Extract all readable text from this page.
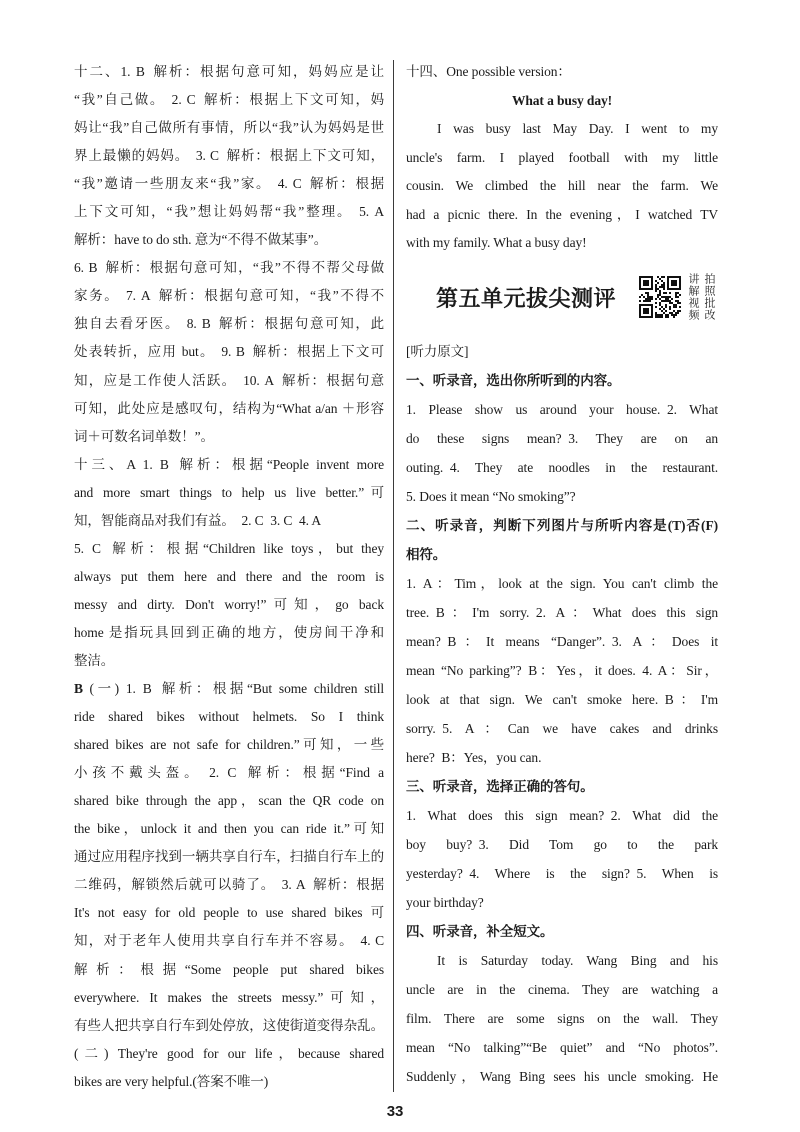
十二、1. B 解析：根据句意可知，妈妈应是让
“我”自己做。 2. C 解析：根据上下文可知，妈
妈让“我”自己做所有事情，所以“我”认为妈妈是世
界上最懒的妈妈。 3. C 解析：根据上下文可知，
“我”邀请一些朋友来“我”家。 4. C 解析：根据
上下文可知，“我”想让妈妈帮“我”整理。 5. A
解析：have to do sth. 意为“不得不做某事”。
6. B 解析：根据句意可知，“我”不得不帮父母做
家务。 7. A 解析：根据句意可知，“我”不得不
独自去看牙医。 8. B 解析：根据句意可知，此
处表转折，应用 but。 9. B 解析：根据上下文可
知，应是工作使人活跃。 10. A 解析：根据句意
可知，此处应是感叹句，结构为“What a/an ＋形容
词＋可数名词单数！”。
十三、A 1. B 解析：根据“People invent more
and more smart things to help us live better.”可
知，智能商品对我们有益。 2. C 3. C 4. A
5. C 解析：根据“Children like toys，but they
always put them here and there and the room is
messy and dirty. Don't worry!”可知，go back
home 是指玩具回到正确的地方，使房间干净和
整洁。
B (一) 1. B 解析：根据“But some children still
ride shared bikes without helmets. So I think
shared bikes are not safe for children.”可知，一些
小孩不戴头盔。 2. C 解析：根据“Find a
shared bike through the app，scan the QR code on
the bike，unlock it and then you can ride it.”可知
通过应用程序找到一辆共享自行车，扫描自行车上的
二维码，解锁然后就可以骑了。 3. A 解析：根据
It's not easy for old people to use shared bikes 可
知，对于老年人使用共享自行车并不容易。 4. C
解析：根据“Some people put shared bikes
everywhere. It makes the streets messy.”可知，
有些人把共享自行车到处停放，这使街道变得杂乱。
(二) They're good for our life，because shared
bikes are very helpful.(答案不唯一)
十四、One possible version：
What a busy day!
I was busy last May Day. I went to my
uncle's farm. I played football with my little
cousin. We climbed the hill near the farm. We
had a picnic there. In the evening，I watched TV
with my family. What a busy day!
第五单元拔尖测评	讲解视频 拍照批改
[听力原文]
一、听录音，选出你所听到的内容。
1. Please show us around your house. 2. What
do these signs mean? 3. They are on an
outing. 4. They ate noodles in the restaurant.
5. Does it mean “No smoking”?
二、听录音，判断下列图片与所听内容是(T)否(F)
相符。
1. A：Tim，look at the sign. You can't climb the
tree. B：I'm sorry. 2. A：What does this sign
mean? B：It means “Danger”. 3. A：Does it
mean “No parking”? B：Yes，it does. 4. A：Sir，
look at that sign. We can't smoke here. B：I'm
sorry. 5. A：Can we have cakes and drinks
here? B：Yes，you can.
三、听录音，选择正确的答句。
1. What does this sign mean? 2. What did the
boy buy? 3. Did Tom go to the park
yesterday? 4. Where is the sign? 5. When is
your birthday?
四、听录音，补全短文。
It is Saturday today. Wang Bing and his
uncle are in the cinema. They are watching a
film. There are some signs on the wall. They
mean “No talking”“Be quiet” and “No photos”.
Suddenly，Wang Bing sees his uncle smoking. He
33
